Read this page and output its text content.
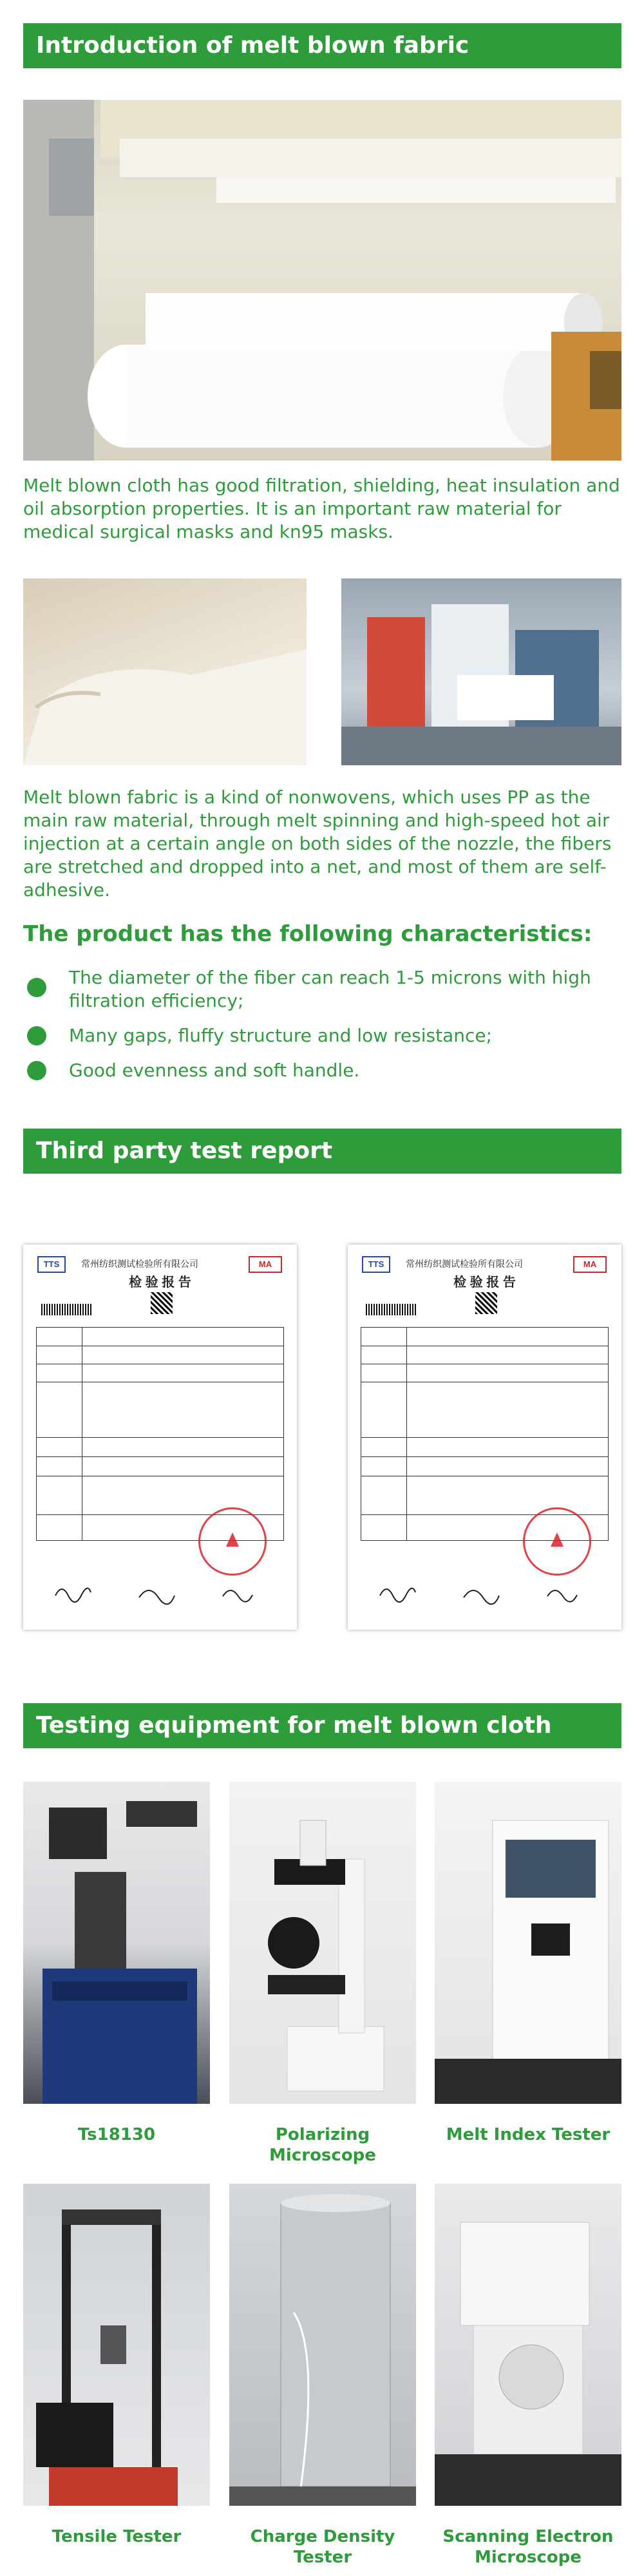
Introduction of melt blown fabric
Melt blown cloth has good filtration, shielding, heat insulation and oil absorption properties. It is an important raw material for medical surgical masks and kn95 masks.
Melt blown fabric is a kind of nonwovens, which uses PP as the main raw material, through melt spinning and high-speed hot air injection at a certain angle on both sides of the nozzle, the fibers are stretched and dropped into a net, and most of them are self-adhesive.
The product has the following characteristics:
The diameter of the fiber can reach 1-5 microns with high filtration efficiency;
Many gaps, fluffy structure and low resistance;
Good evenness and soft handle.
Third party test report
TTS	常州纺织测试检验所有限公司	MA
检 验 报 告
TTS	常州纺织测试检验所有限公司	MA
检 验 报 告
Testing equipment for melt blown cloth
Ts18130	Polarizing Microscope
Melt Index Tester
Tensile Tester	Charge Density Tester
Scanning Electron Microscope
